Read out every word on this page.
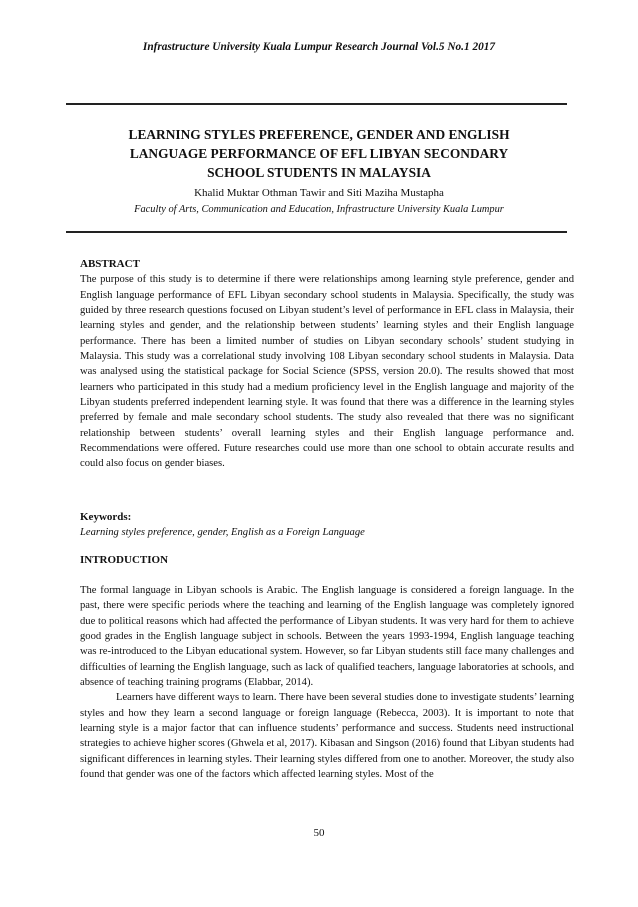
Infrastructure University Kuala Lumpur Research Journal Vol.5 No.1 2017
LEARNING STYLES PREFERENCE, GENDER AND ENGLISH
LANGUAGE PERFORMANCE OF EFL LIBYAN SECONDARY
SCHOOL STUDENTS IN MALAYSIA
Khalid Muktar Othman Tawir and Siti Maziha Mustapha
Faculty of Arts, Communication and Education, Infrastructure University Kuala Lumpur
ABSTRACT

The purpose of this study is to determine if there were relationships among learning style preference, gender and English language performance of EFL Libyan secondary school students in Malaysia. Specifically, the study was guided by three research questions focused on Libyan student’s level of performance in EFL class in Malaysia, their learning styles and gender, and the relationship between students’ learning styles and their English language performance. There has been a limited number of studies on Libyan secondary schools’ student studying in Malaysia. This study was a correlational study involving 108 Libyan secondary school students in Malaysia. Data was analysed using the statistical package for Social Science (SPSS, version 20.0). The results showed that most learners who participated in this study had a medium proficiency level in the English language and majority of the Libyan students preferred independent learning style. It was found that there was a difference in the learning styles preferred by female and male secondary school students. The study also revealed that there was no significant relationship between students’ overall learning styles and their English language performance and. Recommendations were offered. Future researches could use more than one school to obtain accurate results and could also focus on gender biases.

Keywords:

Learning styles preference, gender, English as a Foreign Language

INTRODUCTION

The formal language in Libyan schools is Arabic. The English language is considered a foreign language. In the past, there were specific periods where the teaching and learning of the English language was completely ignored due to political reasons which had affected the performance of Libyan students. It was very hard for them to achieve good grades in the English language subject in schools. Between the years 1993-1994, English language teaching was re-introduced to the Libyan educational system. However, so far Libyan students still face many challenges and difficulties of learning the English language, such as lack of qualified teachers, language laboratories at schools, and absence of teaching training programs (Elabbar, 2014).

Learners have different ways to learn. There have been several studies done to investigate students’ learning styles and how they learn a second language or foreign language (Rebecca, 2003). It is important to note that learning style is a major factor that can influence students’ performance and success. Students need instructional strategies to achieve higher scores (Ghwela et al, 2017). Kibasan and Singson (2016) found that Libyan students had significant differences in learning styles. Their learning styles differed from one to another. Moreover, the study also found that gender was one of the factors which affected learning styles. Most of the

50
